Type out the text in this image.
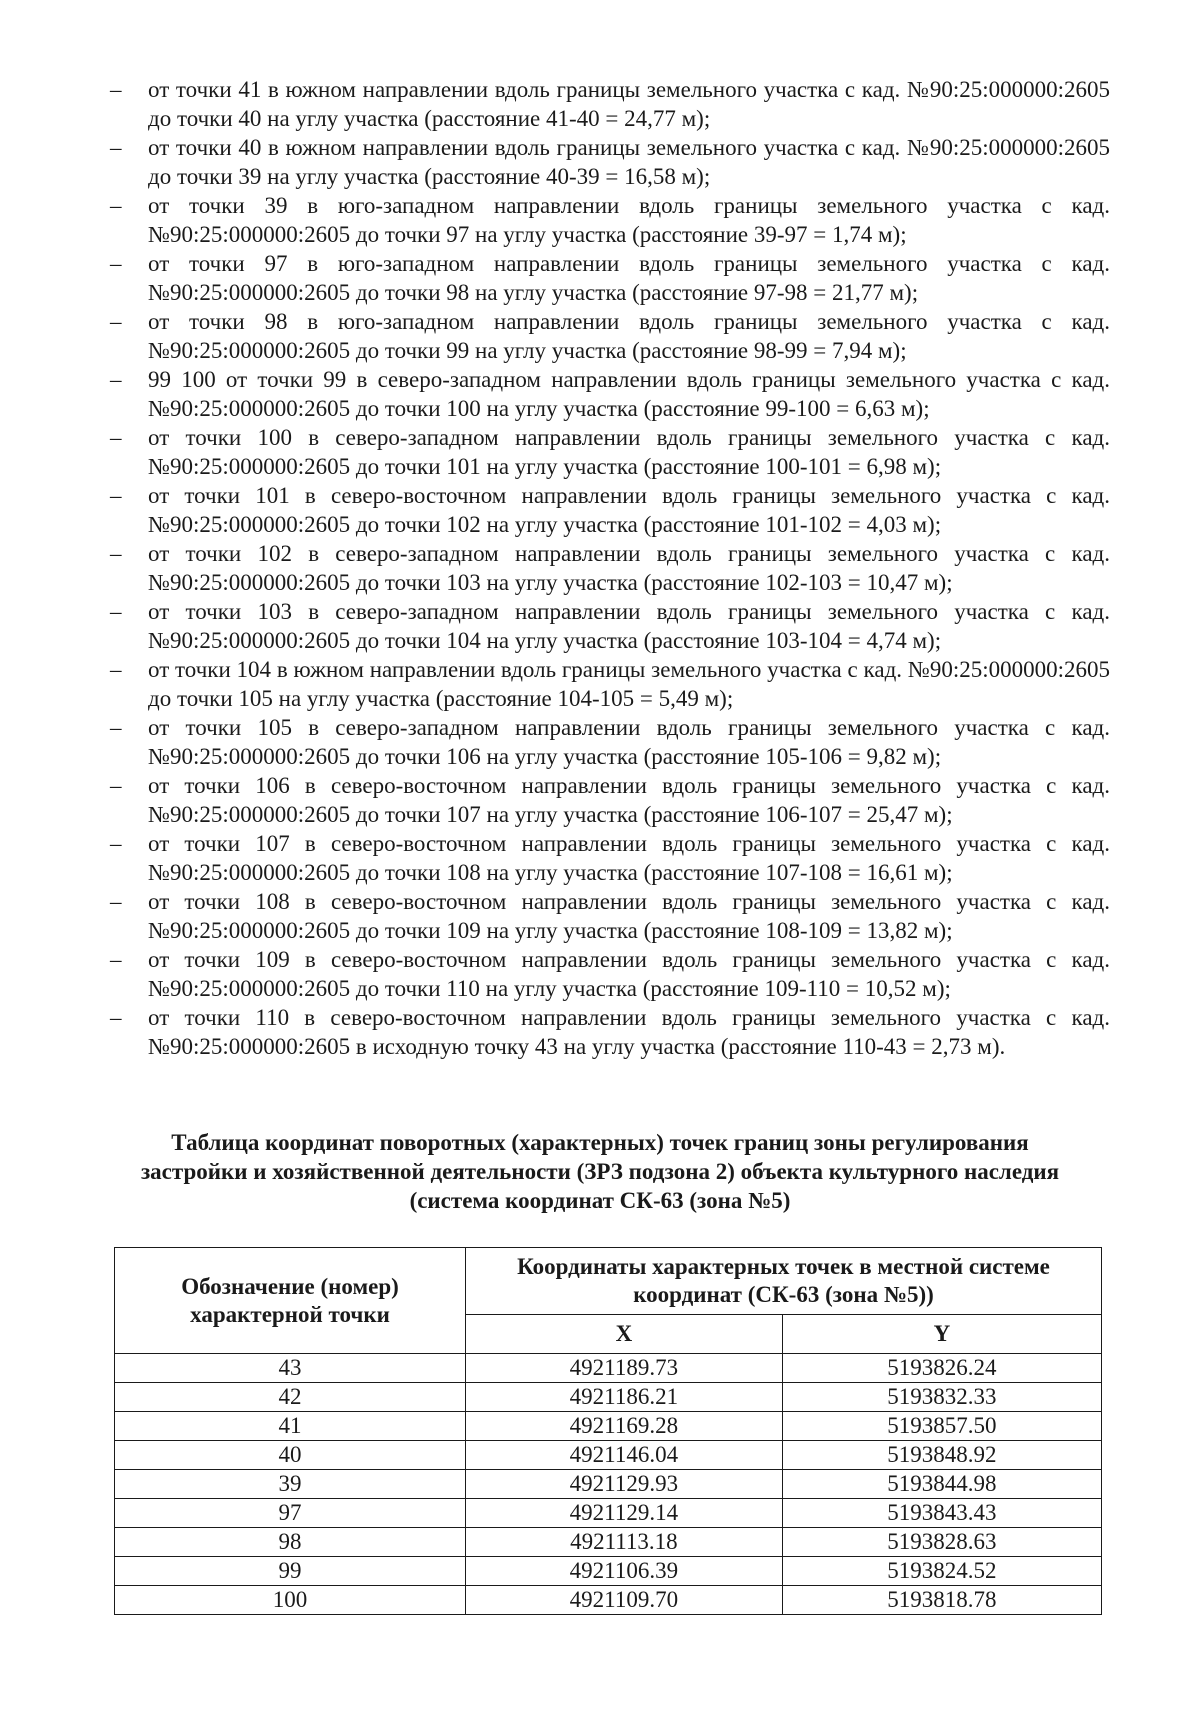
– от точки 41 в южном направлении вдоль границы земельного участка с кад. №90:25:000000:2605 до точки 40 на углу участка (расстояние 41-40 = 24,77 м);
– от точки 40 в южном направлении вдоль границы земельного участка с кад. №90:25:000000:2605 до точки 39 на углу участка (расстояние 40-39 = 16,58 м);
– от точки 39 в юго-западном направлении вдоль границы земельного участка с кад. №90:25:000000:2605 до точки 97 на углу участка (расстояние 39-97 = 1,74 м);
– от точки 97 в юго-западном направлении вдоль границы земельного участка с кад. №90:25:000000:2605 до точки 98 на углу участка (расстояние 97-98 = 21,77 м);
– от точки 98 в юго-западном направлении вдоль границы земельного участка с кад. №90:25:000000:2605 до точки 99 на углу участка (расстояние 98-99 = 7,94 м);
– 99 100 от точки 99 в северо-западном направлении вдоль границы земельного участка с кад. №90:25:000000:2605 до точки 100 на углу участка (расстояние 99-100 = 6,63 м);
– от точки 100 в северо-западном направлении вдоль границы земельного участка с кад. №90:25:000000:2605 до точки 101 на углу участка (расстояние 100-101 = 6,98 м);
– от точки 101 в северо-восточном направлении вдоль границы земельного участка с кад. №90:25:000000:2605 до точки 102 на углу участка (расстояние 101-102 = 4,03 м);
– от точки 102 в северо-западном направлении вдоль границы земельного участка с кад. №90:25:000000:2605 до точки 103 на углу участка (расстояние 102-103 = 10,47 м);
– от точки 103 в северо-западном направлении вдоль границы земельного участка с кад. №90:25:000000:2605 до точки 104 на углу участка (расстояние 103-104 = 4,74 м);
– от точки 104 в южном направлении вдоль границы земельного участка с кад. №90:25:000000:2605 до точки 105 на углу участка (расстояние 104-105 = 5,49 м);
– от точки 105 в северо-западном направлении вдоль границы земельного участка с кад. №90:25:000000:2605 до точки 106 на углу участка (расстояние 105-106 = 9,82 м);
– от точки 106 в северо-восточном направлении вдоль границы земельного участка с кад. №90:25:000000:2605 до точки 107 на углу участка (расстояние 106-107 = 25,47 м);
– от точки 107 в северо-восточном направлении вдоль границы земельного участка с кад. №90:25:000000:2605 до точки 108 на углу участка (расстояние 107-108 = 16,61 м);
– от точки 108 в северо-восточном направлении вдоль границы земельного участка с кад. №90:25:000000:2605 до точки 109 на углу участка (расстояние 108-109 = 13,82 м);
– от точки 109 в северо-восточном направлении вдоль границы земельного участка с кад. №90:25:000000:2605 до точки 110 на углу участка (расстояние 109-110 = 10,52 м);
– от точки 110 в северо-восточном направлении вдоль границы земельного участка с кад. №90:25:000000:2605 в исходную точку 43 на углу участка (расстояние 110-43 = 2,73 м).
Таблица координат поворотных (характерных) точек границ зоны регулирования застройки и хозяйственной деятельности (ЗРЗ подзона 2) объекта культурного наследия (система координат СК-63 (зона №5)
Обозначение (номер) характерной точки	Координаты характерных точек в местной системе координат (СК-63 (зона №5))	
	X	Y
43	4921189.73	5193826.24
42	4921186.21	5193832.33
41	4921169.28	5193857.50
40	4921146.04	5193848.92
39	4921129.93	5193844.98
97	4921129.14	5193843.43
98	4921113.18	5193828.63
99	4921106.39	5193824.52
100	4921109.70	5193818.78
